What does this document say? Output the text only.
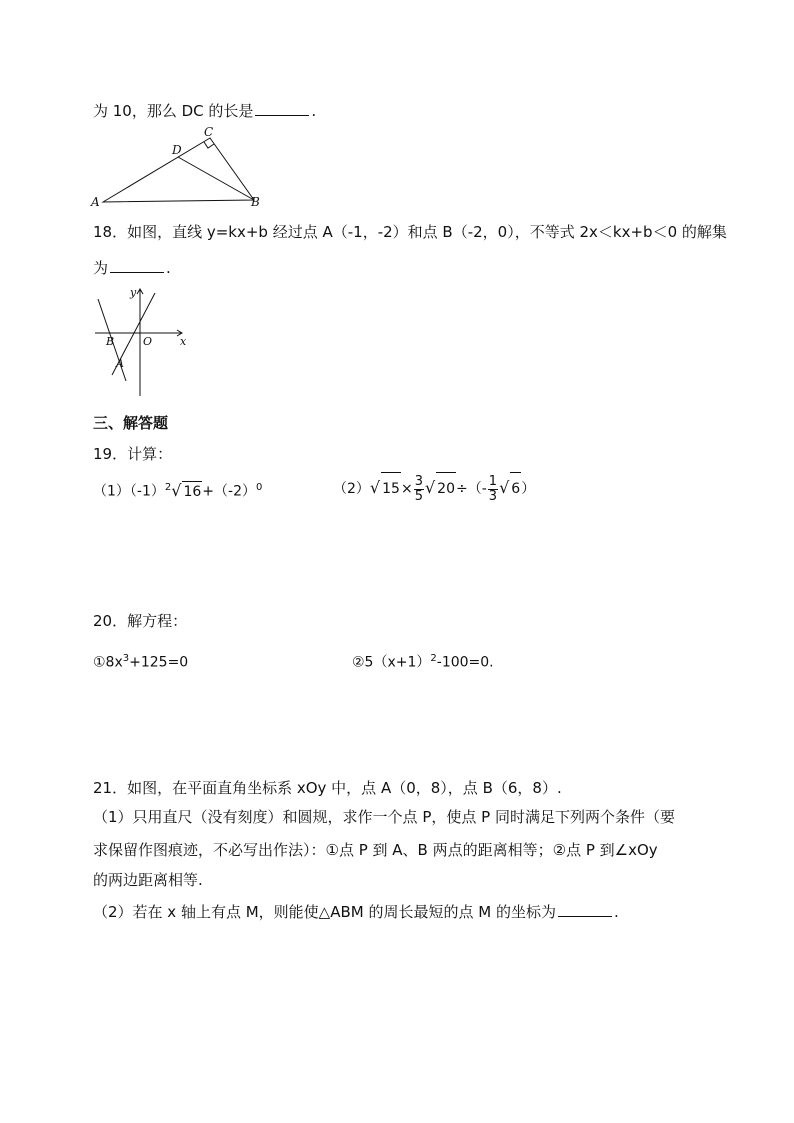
为 10，那么 DC 的长是	.
A	B
C
D
18．如图，直线 y=kx+b 经过点 A（-1，-2）和点 B（-2，0），不等式 2x＜kx+b＜0 的解集
为	.
y
x
O
B
A
三、解答题
19．计算：
$(1)(-1)^2√$ $16+(-2)^0$	（2）√ $15\times \frac{3}{5}$ √ $20\div(- \frac{1}{3}$ √ 6）
20．解方程：
$①8x^3+125=0$	$②5(x+1)^2-100=0$.
21．如图，在平面直角坐标系 xOy 中，点 A（0，8），点 B（6，8）.
（1）只用直尺（没有刻度）和圆规，求作一个点 P，使点 P 同时满足下列两个条件（要
求保留作图痕迹，不必写出作法）：①点 P 到 A、B 两点的距离相等；②点 P 到∠xOy
的两边距离相等.
（2）若在 x 轴上有点 M，则能使△ABM 的周长最短的点 M 的坐标为	.
